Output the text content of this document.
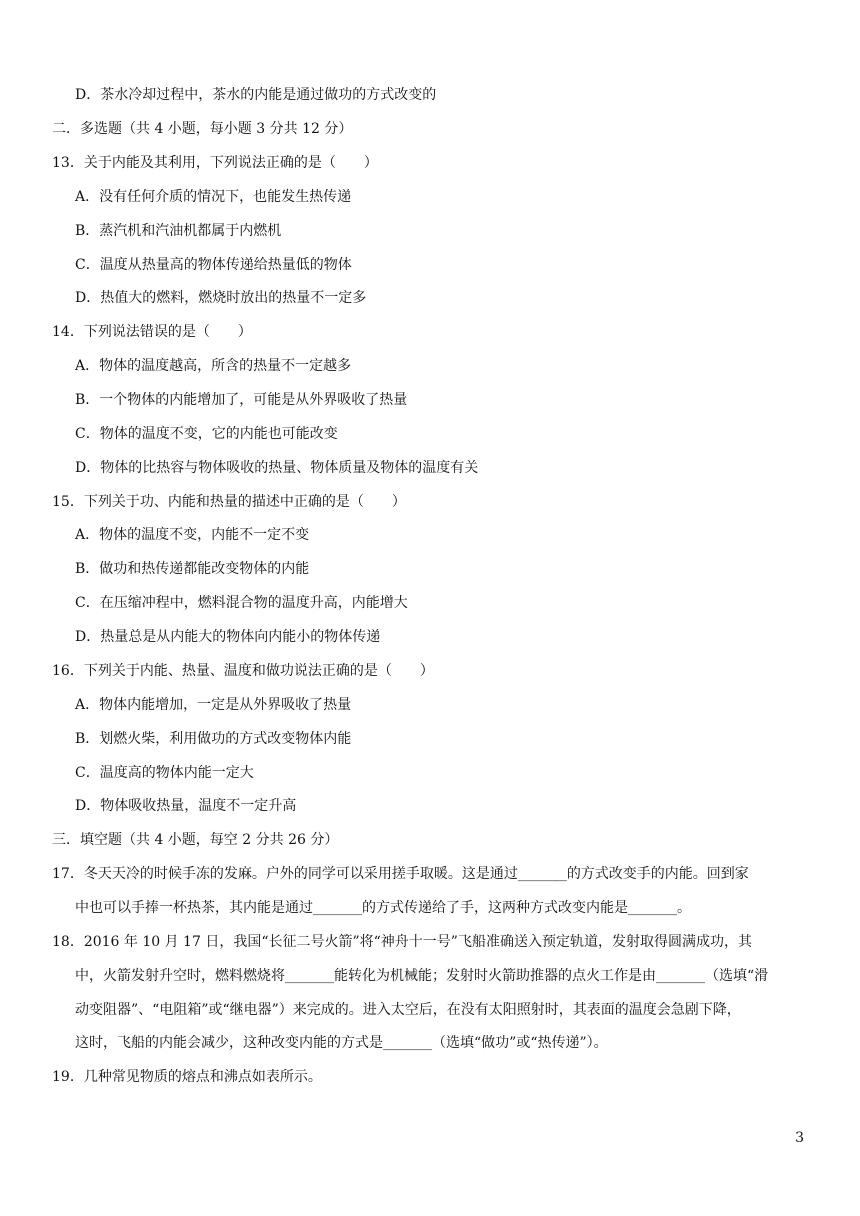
D．茶水冷却过程中，茶水的内能是通过做功的方式改变的
二．多选题（共 4 小题，每小题 3 分共 12 分）
13．关于内能及其利用，下列说法正确的是（　　）
A．没有任何介质的情况下，也能发生热传递
B．蒸汽机和汽油机都属于内燃机
C．温度从热量高的物体传递给热量低的物体
D．热值大的燃料，燃烧时放出的热量不一定多
14．下列说法错误的是（　　）
A．物体的温度越高，所含的热量不一定越多
B．一个物体的内能增加了，可能是从外界吸收了热量
C．物体的温度不变，它的内能也可能改变
D．物体的比热容与物体吸收的热量、物体质量及物体的温度有关
15．下列关于功、内能和热量的描述中正确的是（　　）
A．物体的温度不变，内能不一定不变
B．做功和热传递都能改变物体的内能
C．在压缩冲程中，燃料混合物的温度升高，内能增大
D．热量总是从内能大的物体向内能小的物体传递
16．下列关于内能、热量、温度和做功说法正确的是（　　）
A．物体内能增加，一定是从外界吸收了热量
B．划燃火柴，利用做功的方式改变物体内能
C．温度高的物体内能一定大
D．物体吸收热量，温度不一定升高
三．填空题（共 4 小题，每空 2 分共 26 分）
17．冬天天冷的时候手冻的发麻。户外的同学可以采用搓手取暖。这是通过_______的方式改变手的内能。回到家
中也可以手捧一杯热茶，其内能是通过_______的方式传递给了手，这两种方式改变内能是_______。
18．2016 年 10 月 17 日，我国“长征二号火箭”将“神舟十一号”飞船准确送入预定轨道，发射取得圆满成功，其
中，火箭发射升空时，燃料燃烧将_______能转化为机械能；发射时火箭助推器的点火工作是由_______（选填“滑
动变阻器”、“电阻箱”或“继电器”）来完成的。进入太空后，在没有太阳照射时，其表面的温度会急剧下降，
这时，飞船的内能会减少，这种改变内能的方式是_______（选填“做功”或“热传递”）。
19．几种常见物质的熔点和沸点如表所示。
3
